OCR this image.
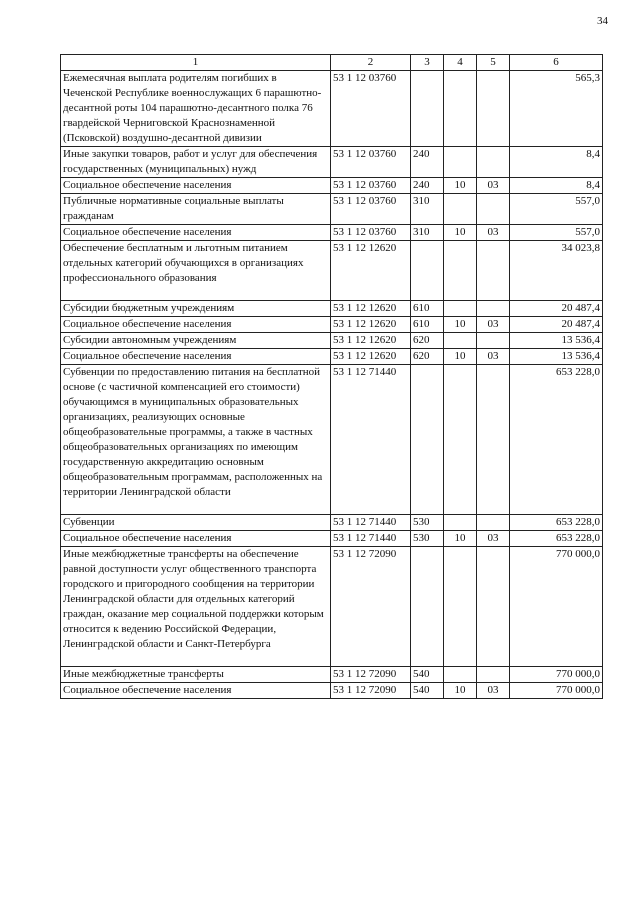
34
1	2	3	4	5	6
Ежемесячная выплата родителям погибших в Чеченской Республике военнослужащих 6 парашютно-десантной роты 104 парашютно-десантного полка 76 гвардейской Черниговской Краснознаменной (Псковской) воздушно-десантной дивизии	53 1 12 03760				565,3
Иные закупки товаров, работ и услуг для обеспечения государственных (муниципальных) нужд	53 1 12 03760	240			8,4
Социальное обеспечение населения	53 1 12 03760	240	10	03	8,4
Публичные нормативные социальные выплаты гражданам	53 1 12 03760	310			557,0
Социальное обеспечение населения	53 1 12 03760	310	10	03	557,0
Обеспечение бесплатным и льготным питанием отдельных категорий обучающихся в организациях профессионального образования	53 1 12 12620				34 023,8
Субсидии бюджетным учреждениям	53 1 12 12620	610			20 487,4
Социальное обеспечение населения	53 1 12 12620	610	10	03	20 487,4
Субсидии автономным учреждениям	53 1 12 12620	620			13 536,4
Социальное обеспечение населения	53 1 12 12620	620	10	03	13 536,4
Субвенции по предоставлению питания на бесплатной основе (с частичной компенсацией его стоимости) обучающимся в муниципальных образовательных организациях, реализующих основные общеобразовательные программы, а также в частных общеобразовательных организациях по имеющим государственную аккредитацию основным общеобразовательным программам, расположенных на территории Ленинградской области	53 1 12 71440				653 228,0
Субвенции	53 1 12 71440	530			653 228,0
Социальное обеспечение населения	53 1 12 71440	530	10	03	653 228,0
Иные межбюджетные трансферты на обеспечение равной доступности услуг общественного транспорта городского и пригородного сообщения на территории Ленинградской области для отдельных категорий граждан, оказание мер социальной поддержки которым относится к ведению Российской Федерации, Ленинградской области и Санкт-Петербурга	53 1 12 72090				770 000,0
Иные межбюджетные трансферты	53 1 12 72090	540			770 000,0
Социальное обеспечение населения	53 1 12 72090	540	10	03	770 000,0
